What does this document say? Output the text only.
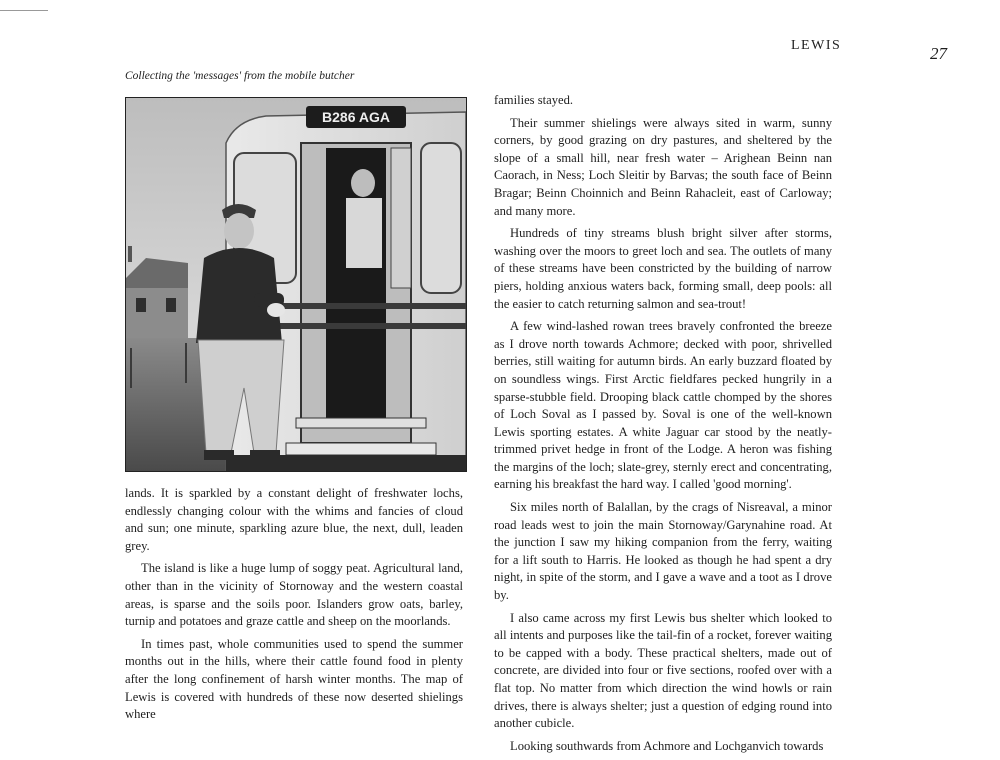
LEWIS	27
Collecting the 'messages' from the mobile butcher
B286 AGA

lands. It is sparkled by a constant delight of freshwater lochs, endlessly changing colour with the whims and fancies of cloud and sun; one minute, sparkling azure blue, the next, dull, leaden grey.

The island is like a huge lump of soggy peat. Agricultural land, other than in the vicinity of Stornoway and the western coastal areas, is sparse and the soils poor. Islanders grow oats, barley, turnip and potatoes and graze cattle and sheep on the moorlands.

In times past, whole communities used to spend the summer months out in the hills, where their cattle found food in plenty after the long confinement of harsh winter months. The map of Lewis is covered with hundreds of these now deserted shielings where

families stayed.

Their summer shielings were always sited in warm, sunny corners, by good grazing on dry pastures, and sheltered by the slope of a small hill, near fresh water – Arighean Beinn nan Caorach, in Ness; Loch Sleitir by Barvas; the south face of Beinn Bragar; Beinn Choinnich and Beinn Rahacleit, east of Carloway; and many more.

Hundreds of tiny streams blush bright silver after storms, washing over the moors to greet loch and sea. The outlets of many of these streams have been constricted by the building of narrow piers, holding anxious waters back, forming small, deep pools: all the easier to catch returning salmon and sea-trout!

A few wind-lashed rowan trees bravely confronted the breeze as I drove north towards Achmore; decked with poor, shrivelled berries, still waiting for autumn birds. An early buzzard floated by on soundless wings. First Arctic fieldfares pecked hungrily in a sparse-stubble field. Drooping black cattle chomped by the shores of Loch Soval as I passed by. Soval is one of the well-known Lewis sporting estates. A white Jaguar car stood by the neatly-trimmed privet hedge in front of the Lodge. A heron was fishing the margins of the loch; slate-grey, sternly erect and concentrating, earning his breakfast the hard way. I called 'good morning'.

Six miles north of Balallan, by the crags of Nisreaval, a minor road leads west to join the main Stornoway/Garynahine road. At the junction I saw my hiking companion from the ferry, waiting for a lift south to Harris. He looked as though he had spent a dry night, in spite of the storm, and I gave a wave and a toot as I drove by.

I also came across my first Lewis bus shelter which looked to all intents and purposes like the tail-fin of a rocket, forever waiting to be capped with a body. These practical shelters, made out of concrete, are divided into four or five sections, roofed over with a flat top. No matter from which direction the wind howls or rain drives, there is always shelter; just a question of edging round into another cubicle.

Looking southwards from Achmore and Lochganvich towards
